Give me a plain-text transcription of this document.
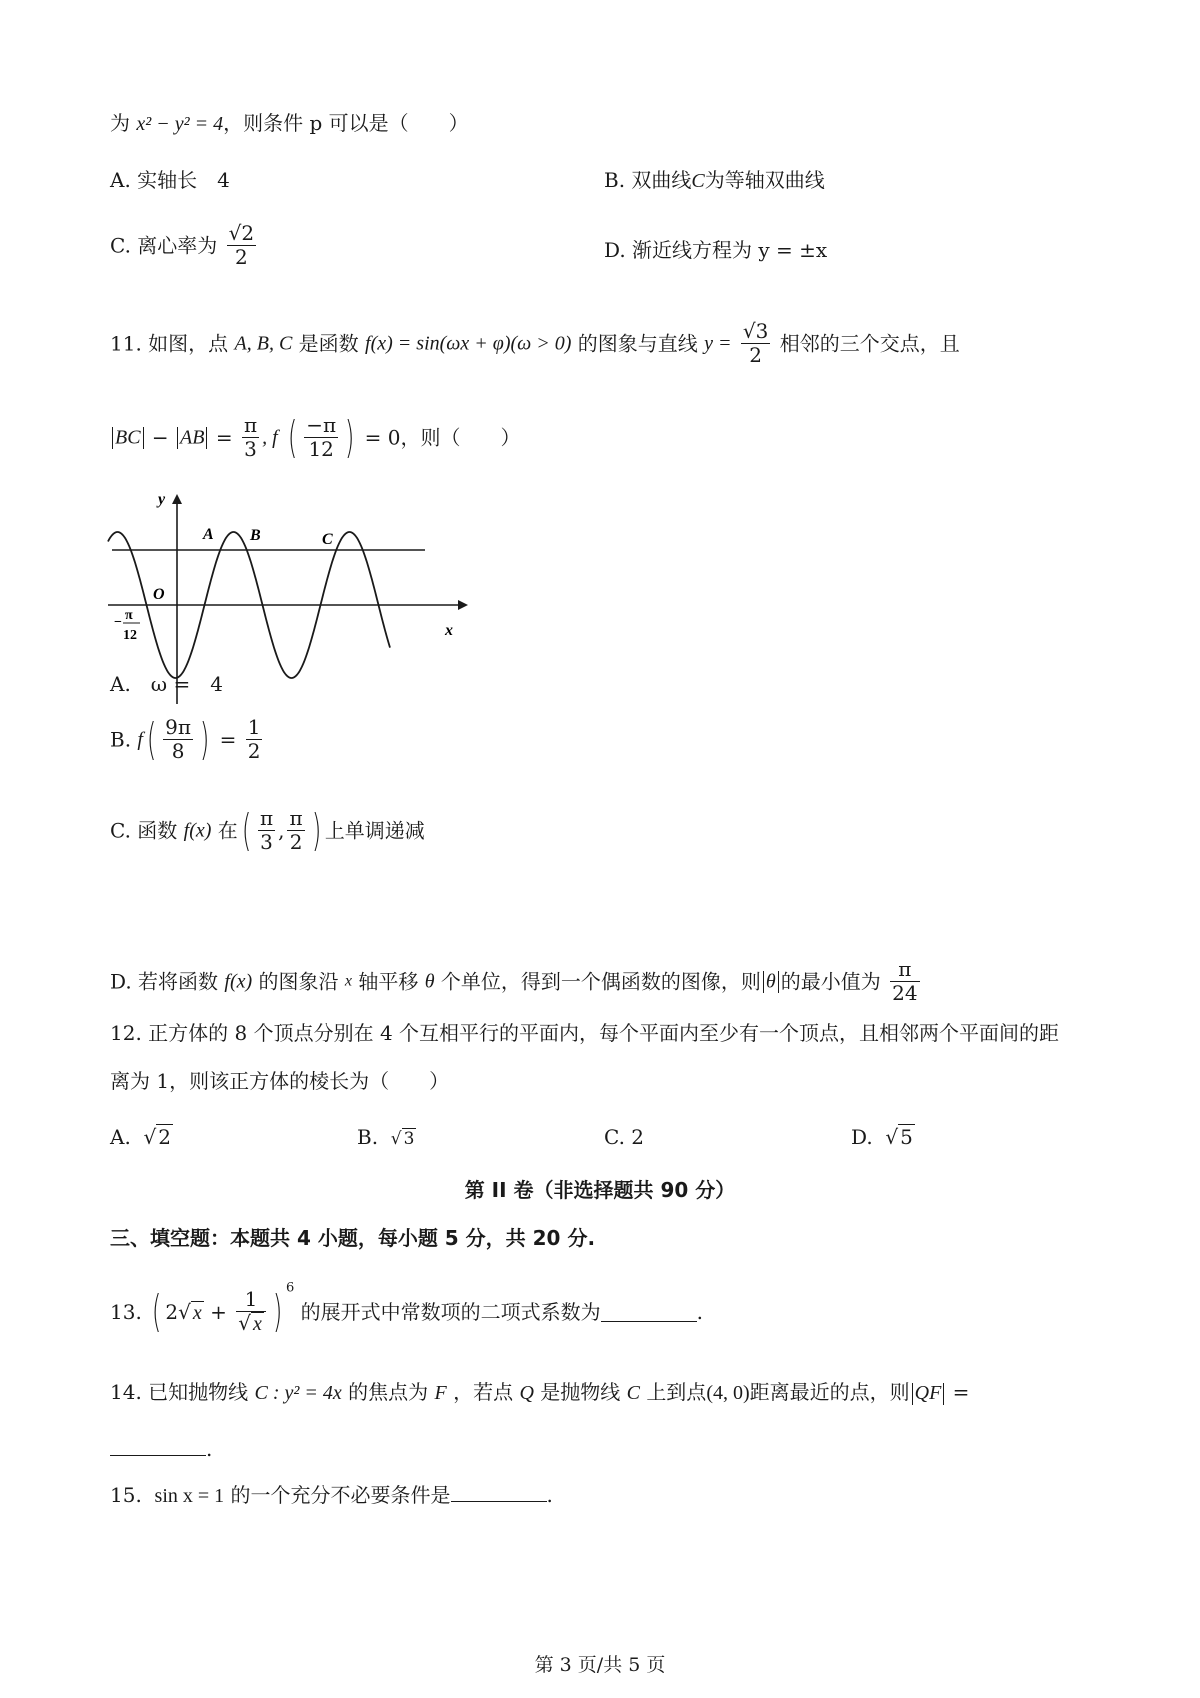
为 x² − y² = 4，则条件 p 可以是（　　）
A. 实轴长　4	B. 双曲线C为等轴双曲线
C. 离心率为 $\frac{√2}{2}$	D. 渐近线方程为 y = ±x
11. 如图，点 A, B, C 是函数 f(x) = sin(ωx + φ)(ω > 0) 的图象与直线 $y = \frac{√3}{2}$ 相邻的三个交点，且
BC − AB = $\frac{\pi}{3}$ , f ( $\frac{-\pi}{12}$ ) = 0，则（　　）
y
x
O
A B	C
− π
12
A.　ω =　4
B. $f( \frac{9\pi}{8}$ ) = $\frac{1}{2}$
C. 函数 f(x) 在( $\frac{\pi}{3}$ , $\frac{\pi}{2}$ ) 上单调递减
D. 若将函数 f(x) 的图象沿 x 轴平移 θ 个单位，得到一个偶函数的图像，则 θ 的最小值为 $\frac{\pi}{24}$
12. 正方体的 8 个顶点分别在 4 个互相平行的平面内，每个平面内至少有一个顶点，且相邻两个平面间的距
离为 1，则该正方体的棱长为（　　）
A. √ 2	B. √ 3	C. 2	D. √ 5
第 II 卷（非选择题共 90 分）
三、填空题：本题共 4 小题，每小题 5 分，共 20 分.
13. ( 2√ $x + \frac{1}{√ x}$ ) $^6$ 的展开式中常数项的二项式系数为	.
14. 已知抛物线 C : y² = 4x 的焦点为 F ，若点 Q 是抛物线 C 上到点(4, 0)距离最近的点，则 QF =
.
15. sin x = 1 的一个充分不必要条件是	.
第 3 页/共 5 页
